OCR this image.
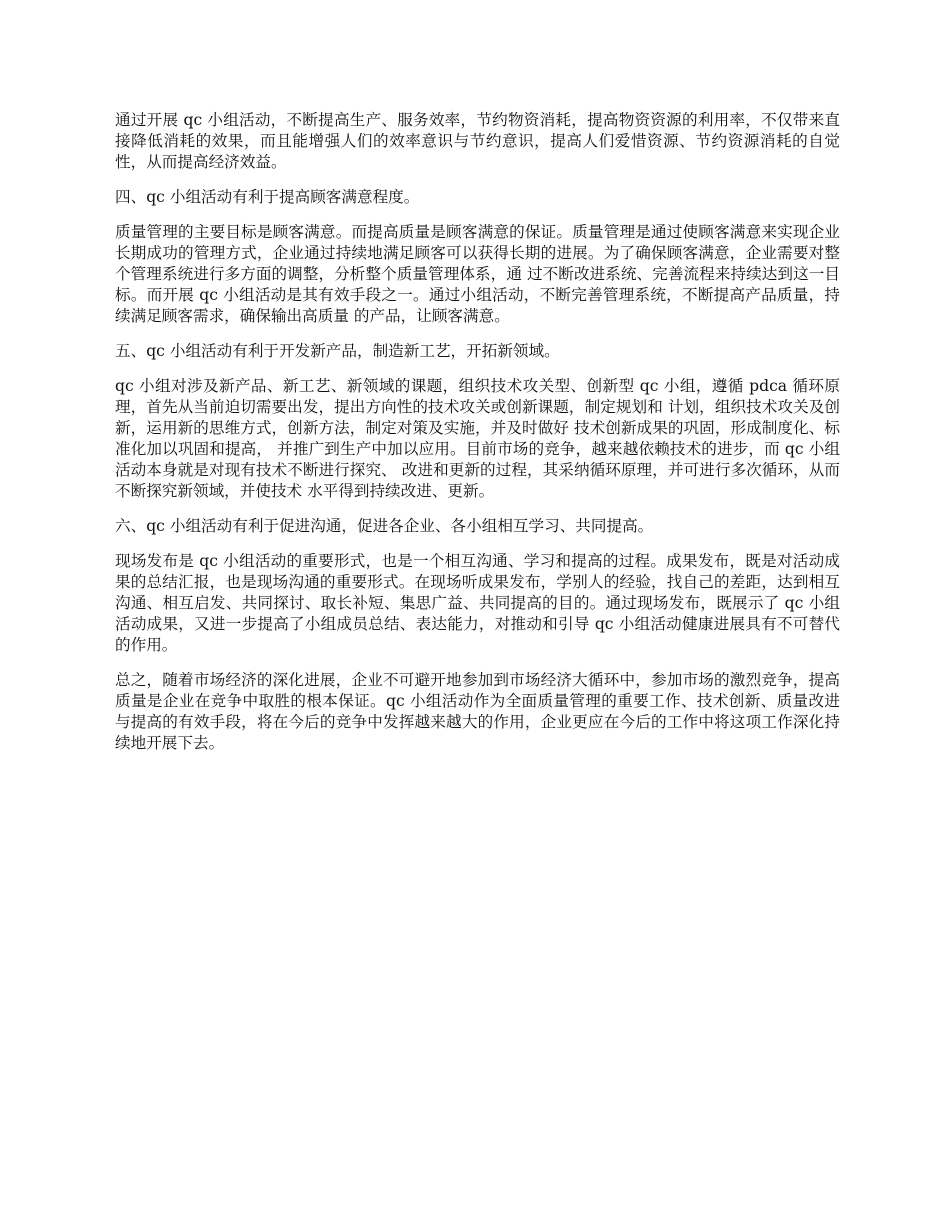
通过开展 qc 小组活动，不断提高生产、服务效率，节约物资消耗，提高物资资源的利用率，不仅带来直接降低消耗的效果，而且能增强人们的效率意识与节约意识，提高人们爱惜资源、节约资源消耗的自觉性，从而提高经济效益。

四、qc 小组活动有利于提高顾客满意程度。

质量管理的主要目标是顾客满意。而提高质量是顾客满意的保证。质量管理是通过使顾客满意来实现企业长期成功的管理方式，企业通过持续地满足顾客可以获得长期的进展。为了确保顾客满意，企业需要对整个管理系统进行多方面的调整，分析整个质量管理体系，通 过不断改进系统、完善流程来持续达到这一目标。而开展 qc 小组活动是其有效手段之一。通过小组活动，不断完善管理系统，不断提高产品质量，持续满足顾客需求，确保输出高质量 的产品，让顾客满意。

五、qc 小组活动有利于开发新产品，制造新工艺，开拓新领域。

qc 小组对涉及新产品、新工艺、新领域的课题，组织技术攻关型、创新型 qc 小组，遵循 pdca 循环原理，首先从当前迫切需要出发，提出方向性的技术攻关或创新课题，制定规划和 计划，组织技术攻关及创新，运用新的思维方式，创新方法，制定对策及实施，并及时做好 技术创新成果的巩固，形成制度化、标准化加以巩固和提高， 并推广到生产中加以应用。目前市场的竞争，越来越依赖技术的进步，而 qc 小组活动本身就是对现有技术不断进行探究、 改进和更新的过程，其采纳循环原理，并可进行多次循环，从而不断探究新领域，并使技术 水平得到持续改进、更新。

六、qc 小组活动有利于促进沟通，促进各企业、各小组相互学习、共同提高。

现场发布是 qc 小组活动的重要形式，也是一个相互沟通、学习和提高的过程。成果发布，既是对活动成果的总结汇报，也是现场沟通的重要形式。在现场听成果发布，学别人的经验，找自己的差距，达到相互沟通、相互启发、共同探讨、取长补短、集思广益、共同提高的目的。通过现场发布，既展示了 qc 小组活动成果，又进一步提高了小组成员总结、表达能力，对推动和引导 qc 小组活动健康进展具有不可替代的作用。

总之，随着市场经济的深化进展，企业不可避开地参加到市场经济大循环中，参加市场的激烈竞争，提高质量是企业在竞争中取胜的根本保证。qc 小组活动作为全面质量管理的重要工作、技术创新、质量改进与提高的有效手段，将在今后的竞争中发挥越来越大的作用，企业更应在今后的工作中将这项工作深化持续地开展下去。
